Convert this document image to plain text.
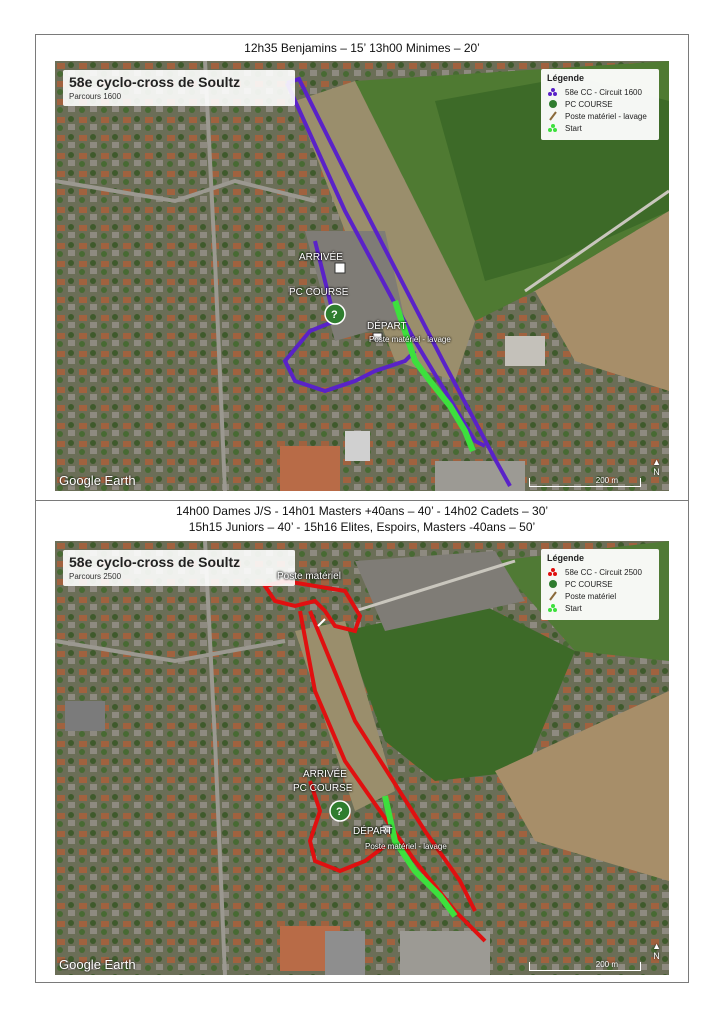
12h35 Benjamins – 15’ 13h00 Minimes – 20’
?
58e cyclo-cross de Soultz
Parcours 1600
Légende
58e CC - Circuit 1600
PC COURSE
Poste matériel - lavage
Start
ARRIVÉE
PC COURSE
DÉPART
Poste matériel - lavage
Google Earth	200 m
▲
N
14h00 Dames J/S - 14h01 Masters +40ans – 40’ - 14h02 Cadets – 30’
15h15 Juniors – 40’ - 15h16 Elites, Espoirs, Masters -40ans – 50’
?
58e cyclo-cross de Soultz
Parcours 2500
Légende
58e CC - Circuit 2500
PC COURSE
Poste matériel
Start
Poste matériel
ARRIVÉE
PC COURSE
DÉPART
Poste matériel - lavage
Google Earth	200 m
▲
N
